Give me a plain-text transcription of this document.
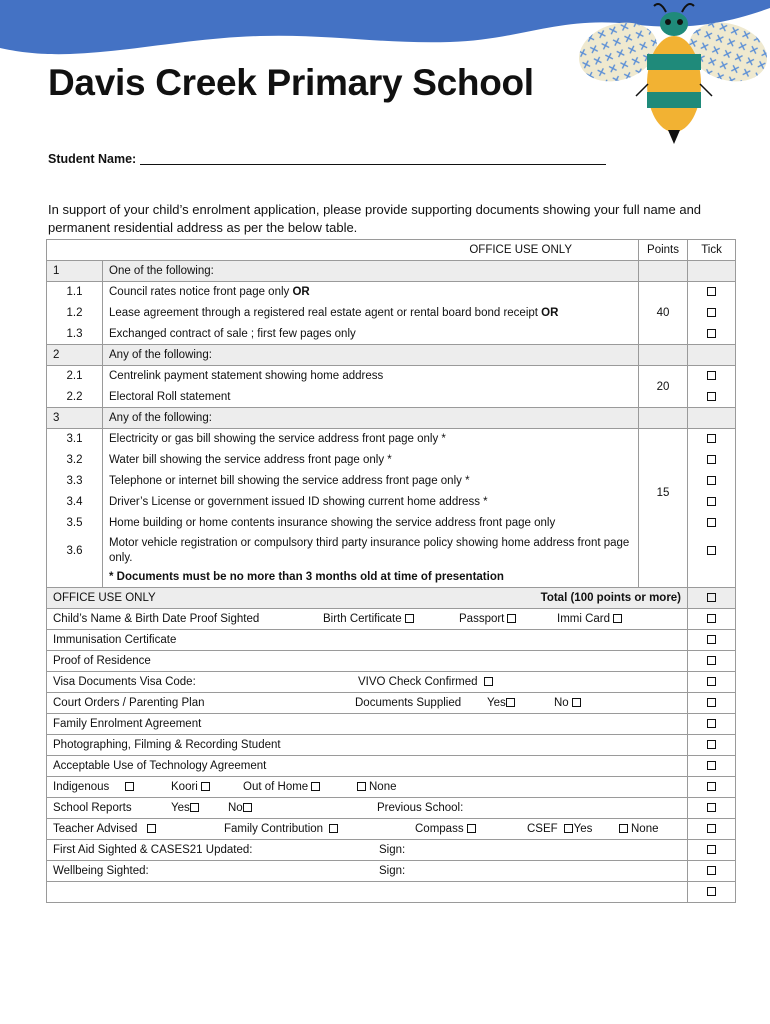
Davis Creek Primary School
Student Name:
In support of your child’s enrolment application, please provide supporting documents showing your full name and permanent residential address as per the below table.
OFFICE USE ONLY		Points	Tick
1	One of the following:		
1.1	Council rates notice front page only OR	40	
1.2	Lease agreement through a registered real estate agent or rental board bond receipt OR		
1.3	Exchanged contract of sale ; first few pages only		
2	Any of the following:		
2.1	Centrelink payment statement showing home address	20	
2.2	Electoral Roll statement		
3	Any of the following:		
3.1	Electricity or gas bill showing the service address front page only *	15	
3.2	Water bill showing the service address front page only *		
3.3	Telephone or internet bill showing the service address front page only *		
3.4	Driver’s License or government issued ID showing current home address *		
3.5	Home building or home contents insurance showing the service address front page only		
3.6	Motor vehicle registration or compulsory third party insurance policy showing home address front page only.		
	* Documents must be no more than 3 months old at time of presentation		

OFFICE USE ONLY Total (100 points or more)			

Child’s Name & Birth Date Proof Sighted Birth Certificate Passport Immi Card			

Immunisation Certificate			
Proof of Residence			

Visa Documents Visa Code: VIVO Check Confirmed			

Court Orders / Parenting Plan Documents Supplied Yes No			

Family Enrolment Agreement			
Photographing, Filming & Recording Student			
Acceptable Use of Technology Agreement			

Indigenous Koori Out of Home None			

School Reports Yes No Previous School:			

Teacher Advised Family Contribution Compass CSEF Yes None			

First Aid Sighted & CASES21 Updated: Sign:			

Wellbeing Sighted: Sign:			
